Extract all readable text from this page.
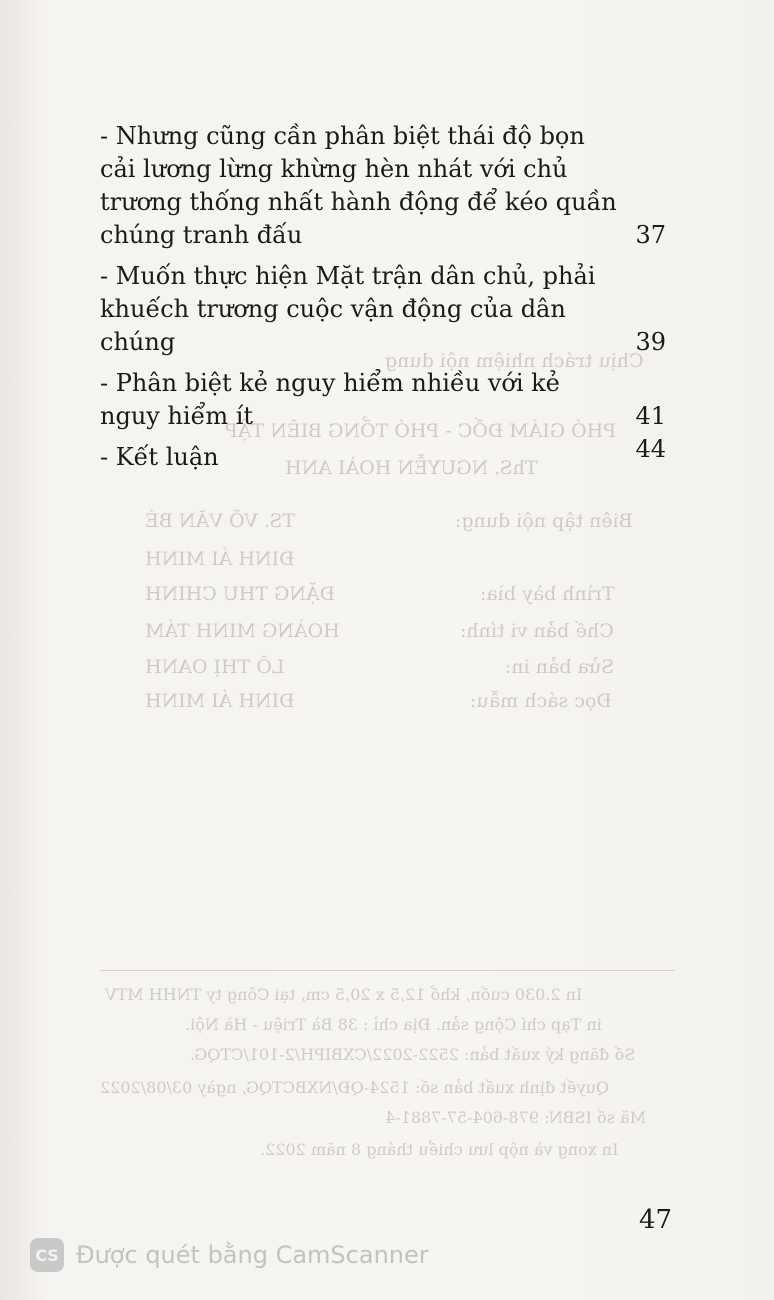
Chịu trách nhiệm nội dung
PHÓ GIÁM ĐỐC - PHÓ TỔNG BIÊN TẬP
ThS. NGUYỄN HOÀI ANH
Biên tập nội dung:
TS. VÕ VĂN BÉ
ĐINH ÁI MINH
Trình bày bìa:
ĐẶNG THU CHINH
Chế bản vi tính:
HOÀNG MINH TÁM
Sửa bản in:
LÔ THỊ OANH
Đọc sách mẫu:
ĐINH ÁI MINH
In 2.030 cuốn, khổ 12,5 x 20,5 cm, tại Công ty TNHH MTV
in Tạp chí Cộng sản. Địa chỉ : 38 Bà Triệu - Hà Nội.
Số đăng ký xuất bản: 2522-2022/CXBIPH/2-101/CTQG.
Quyết định xuất bản số: 1524-QĐ/NXBCTQG, ngày 03/08/2022
Mã số ISBN: 978-604-57-7881-4
In xong và nộp lưu chiểu tháng 8 năm 2022.
- Nhưng cũng cần phân biệt thái độ bọn cải lương lừng khừng hèn nhát với chủ trương thống nhất hành động để kéo quần chúng tranh đấu	37
- Muốn thực hiện Mặt trận dân chủ, phải khuếch trương cuộc vận động của dân chúng	39
- Phân biệt kẻ nguy hiểm nhiều với kẻ nguy hiểm ít	41
- Kết luận	44
47
CS Được quét bằng CamScanner
